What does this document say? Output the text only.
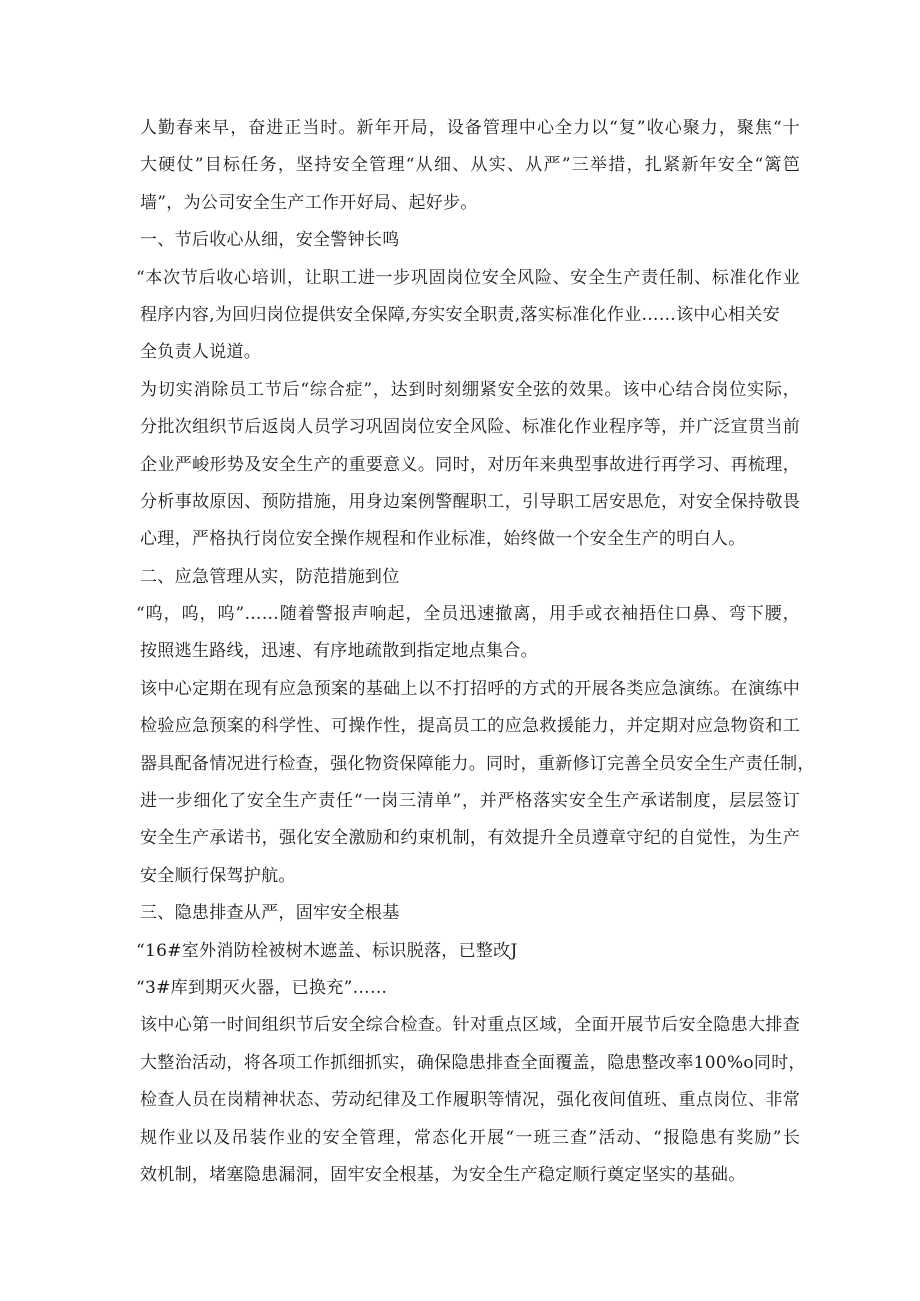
人勤春来早，奋进正当时。新年开局，设备管理中心全力以“复”收心聚力，聚焦“十
大硬仗”目标任务，坚持安全管理“从细、从实、从严”三举措，扎紧新年安全“篱笆
墙”，为公司安全生产工作开好局、起好步。
一、节后收心从细，安全警钟长鸣
“本次节后收心培训，让职工进一步巩固岗位安全风险、安全生产责任制、标准化作业
程序内容,为回归岗位提供安全保障,夯实安全职责,落实标准化作业……该中心相关安
全负责人说道。
为切实消除员工节后“综合症”，达到时刻绷紧安全弦的效果。该中心结合岗位实际，
分批次组织节后返岗人员学习巩固岗位安全风险、标准化作业程序等，并广泛宣贯当前
企业严峻形势及安全生产的重要意义。同时，对历年来典型事故进行再学习、再梳理，
分析事故原因、预防措施，用身边案例警醒职工，引导职工居安思危，对安全保持敬畏
心理，严格执行岗位安全操作规程和作业标准，始终做一个安全生产的明白人。
二、应急管理从实，防范措施到位
“呜，呜，呜”……随着警报声响起，全员迅速撤离，用手或衣袖捂住口鼻、弯下腰，
按照逃生路线，迅速、有序地疏散到指定地点集合。
该中心定期在现有应急预案的基础上以不打招呼的方式的开展各类应急演练。在演练中
检验应急预案的科学性、可操作性，提高员工的应急救援能力，并定期对应急物资和工
器具配备情况进行检查，强化物资保障能力。同时，重新修订完善全员安全生产责任制，
进一步细化了安全生产责任“一岗三清单”，并严格落实安全生产承诺制度，层层签订
安全生产承诺书，强化安全激励和约束机制，有效提升全员遵章守纪的自觉性，为生产
安全顺行保驾护航。
三、隐患排查从严，固牢安全根基
“16#室外消防栓被树木遮盖、标识脱落，已整改J
“3#库到期灭火器，已换充”……
该中心第一时间组织节后安全综合检查。针对重点区域，全面开展节后安全隐患大排查
大整治活动，将各项工作抓细抓实，确保隐患排查全面覆盖，隐患整改率100%o同时，
检查人员在岗精神状态、劳动纪律及工作履职等情况，强化夜间值班、重点岗位、非常
规作业以及吊装作业的安全管理，常态化开展“一班三查”活动、“报隐患有奖励”长
效机制，堵塞隐患漏洞，固牢安全根基，为安全生产稳定顺行奠定坚实的基础。
